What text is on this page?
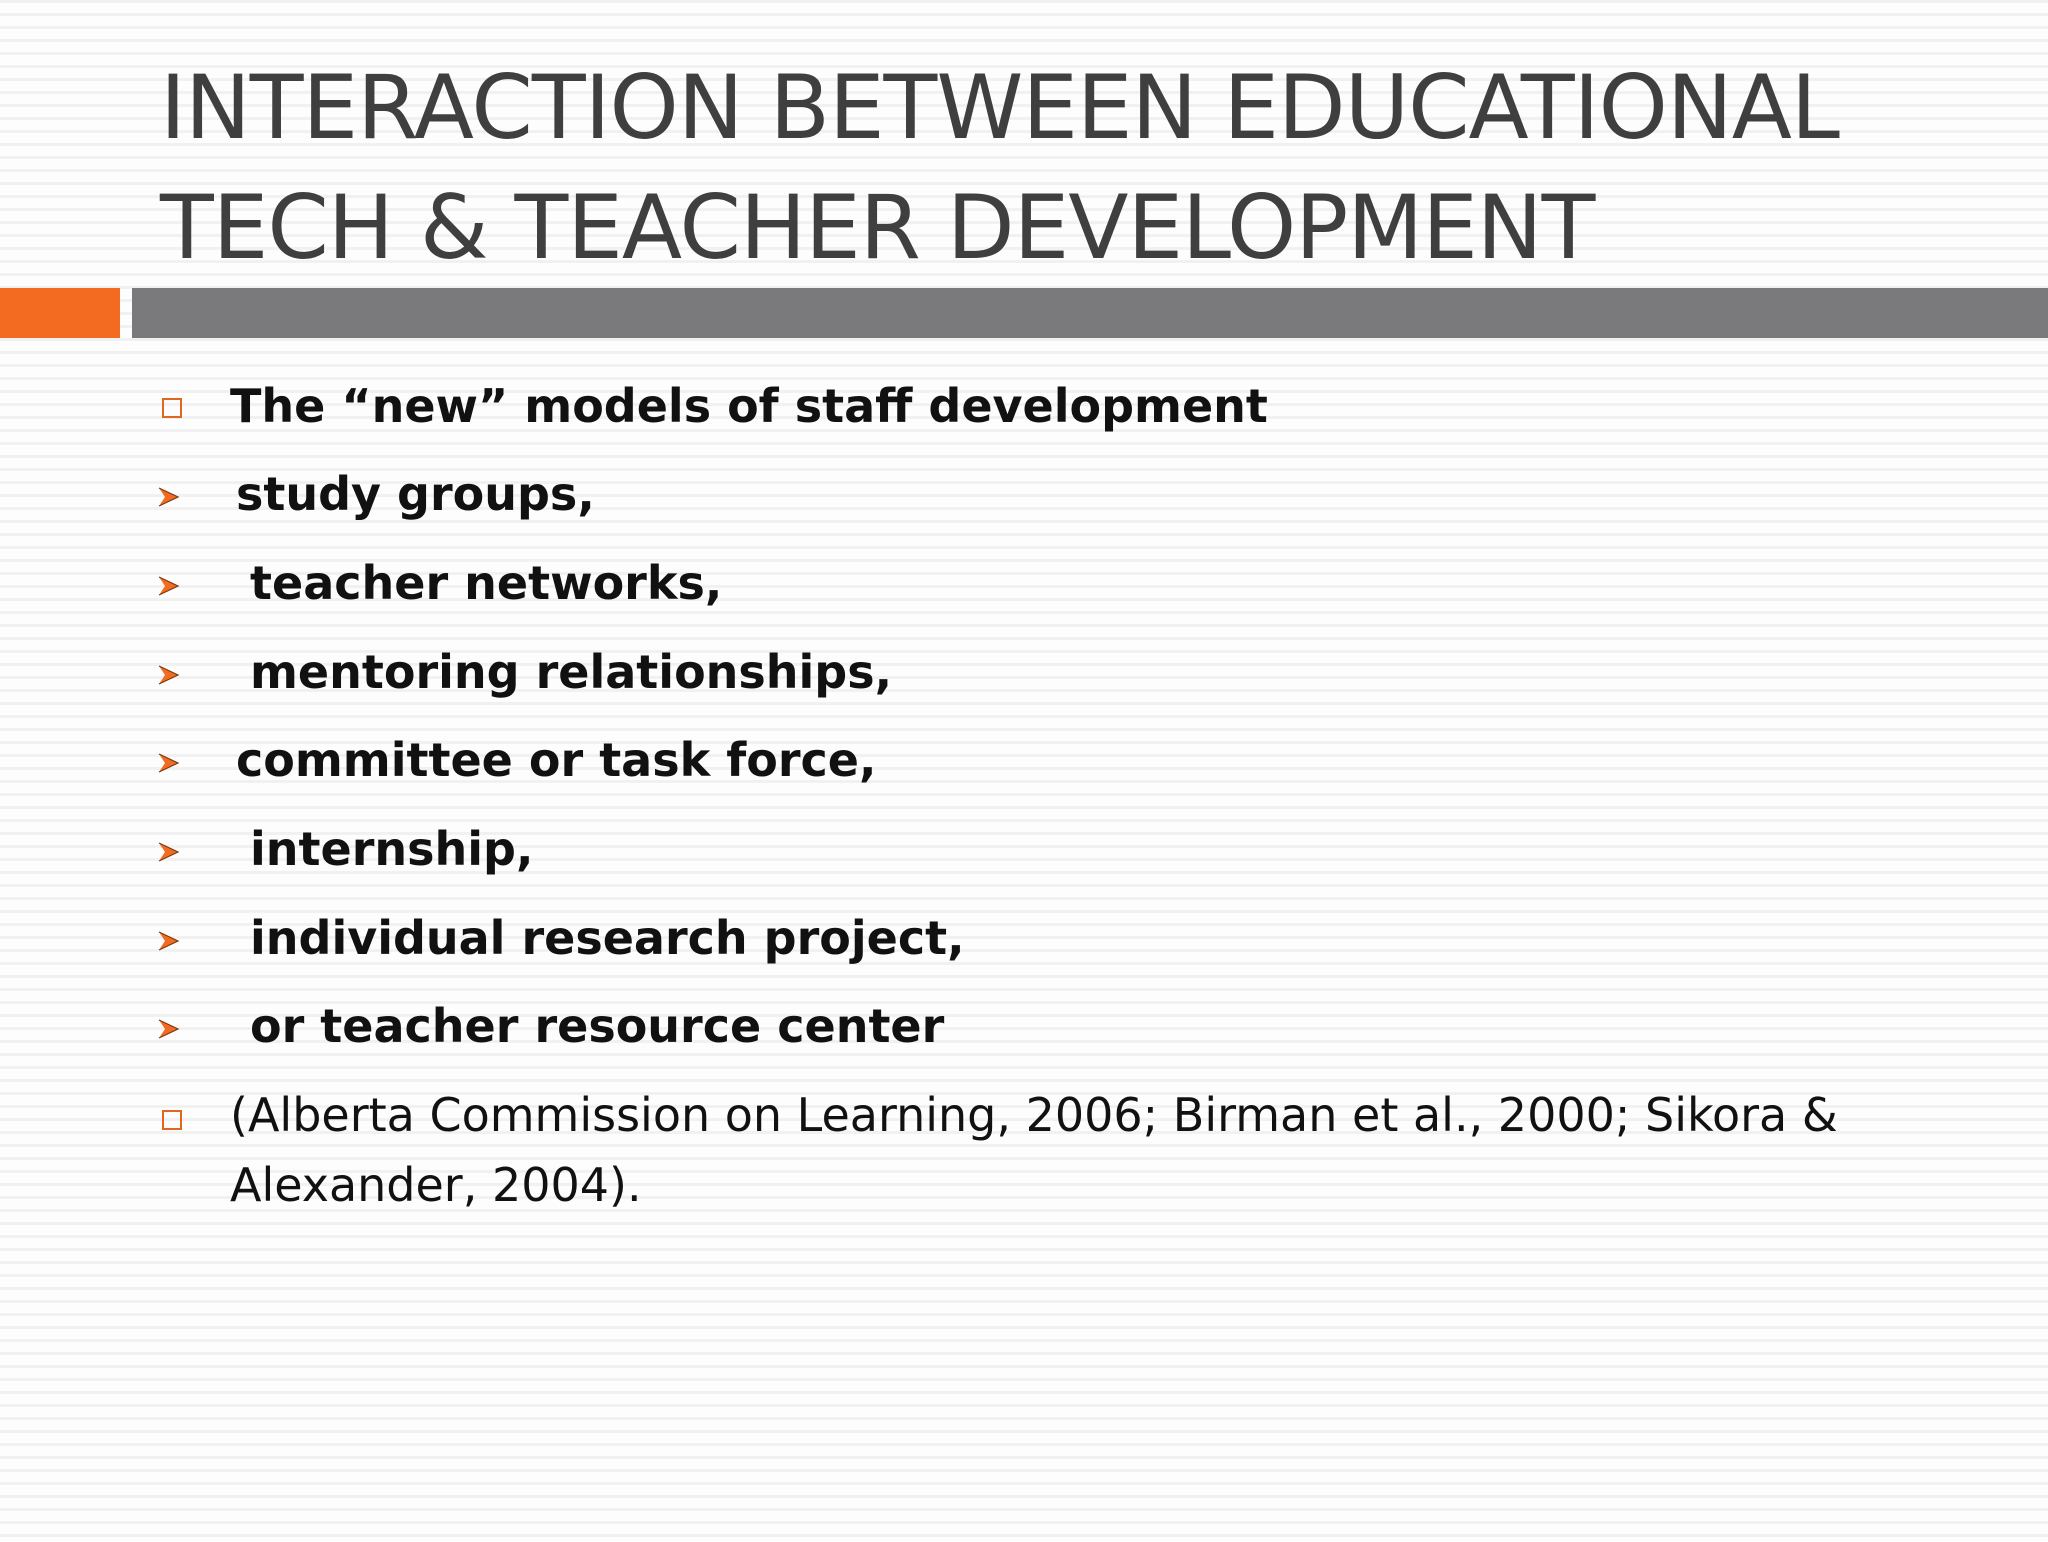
INTERACTION BETWEEN EDUCATIONAL
TECH & TEACHER DEVELOPMENT
The “new” models of staff development
study groups,
teacher networks,
mentoring relationships,
committee or task force,
internship,
individual research project,
or teacher resource center
(Alberta Commission on Learning, 2006; Birman et al., 2000; Sikora & Alexander, 2004).
